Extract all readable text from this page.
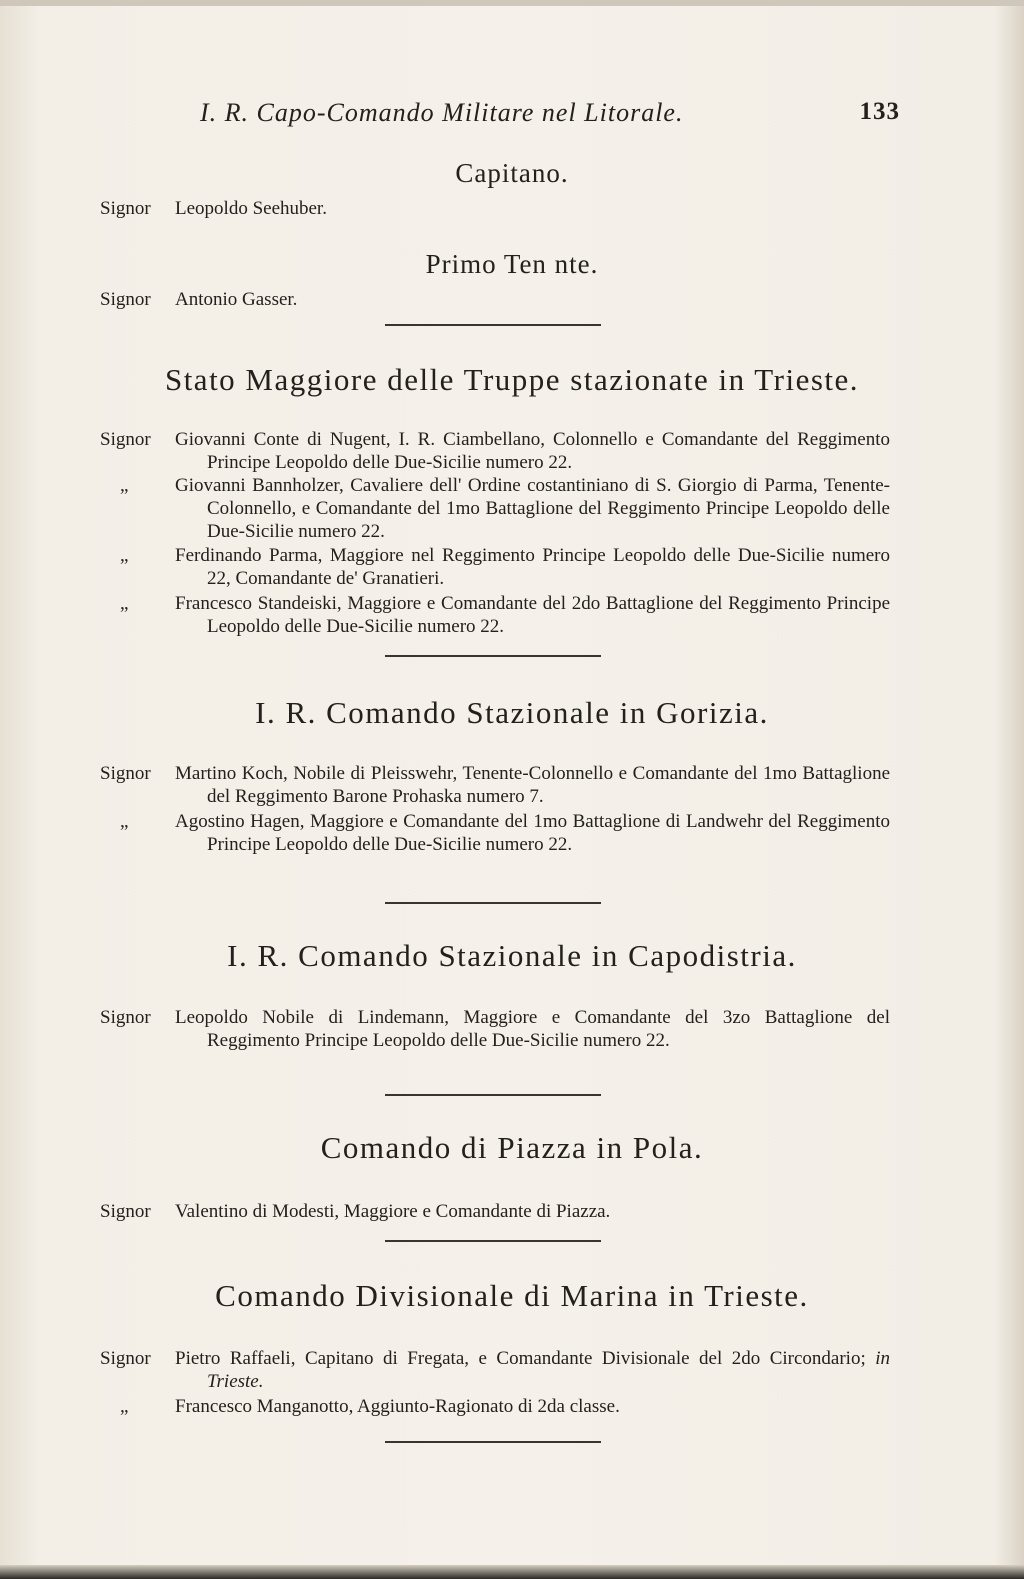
I. R. Capo-Comando Militare nel Litorale.	133
Capitano.
Signor	Leopoldo Seehuber.
Primo Ten nte.
Signor	Antonio Gasser.
Stato Maggiore delle Truppe stazionate in Trieste.
Signor	Giovanni Conte di Nugent, I. R. Ciambellano, Colonnello e Comandante del Reggimento Principe Leopoldo delle Due-Sicilie numero 22.
„	Giovanni Bannholzer, Cavaliere dell' Ordine costantiniano di S. Giorgio di Parma, Tenente-Colonnello, e Comandante del 1mo Battaglione del Reggimento Principe Leopoldo delle Due-Sicilie numero 22.
„	Ferdinando Parma, Maggiore nel Reggimento Principe Leopoldo delle Due-Sicilie numero 22, Comandante de' Granatieri.
„	Francesco Standeiski, Maggiore e Comandante del 2do Battaglione del Reggimento Principe Leopoldo delle Due-Sicilie numero 22.
I. R. Comando Stazionale in Gorizia.
Signor	Martino Koch, Nobile di Pleisswehr, Tenente-Colonnello e Comandante del 1mo Battaglione del Reggimento Barone Prohaska numero 7.
„	Agostino Hagen, Maggiore e Comandante del 1mo Battaglione di Landwehr del Reggimento Principe Leopoldo delle Due-Sicilie numero 22.
I. R. Comando Stazionale in Capodistria.
Signor	Leopoldo Nobile di Lindemann, Maggiore e Comandante del 3zo Battaglione del Reggimento Principe Leopoldo delle Due-Sicilie numero 22.
Comando di Piazza in Pola.
Signor	Valentino di Modesti, Maggiore e Comandante di Piazza.
Comando Divisionale di Marina in Trieste.
Signor	Pietro Raffaeli, Capitano di Fregata, e Comandante Divisionale del 2do Circondario; in Trieste.
„	Francesco Manganotto, Aggiunto-Ragionato di 2da classe.
